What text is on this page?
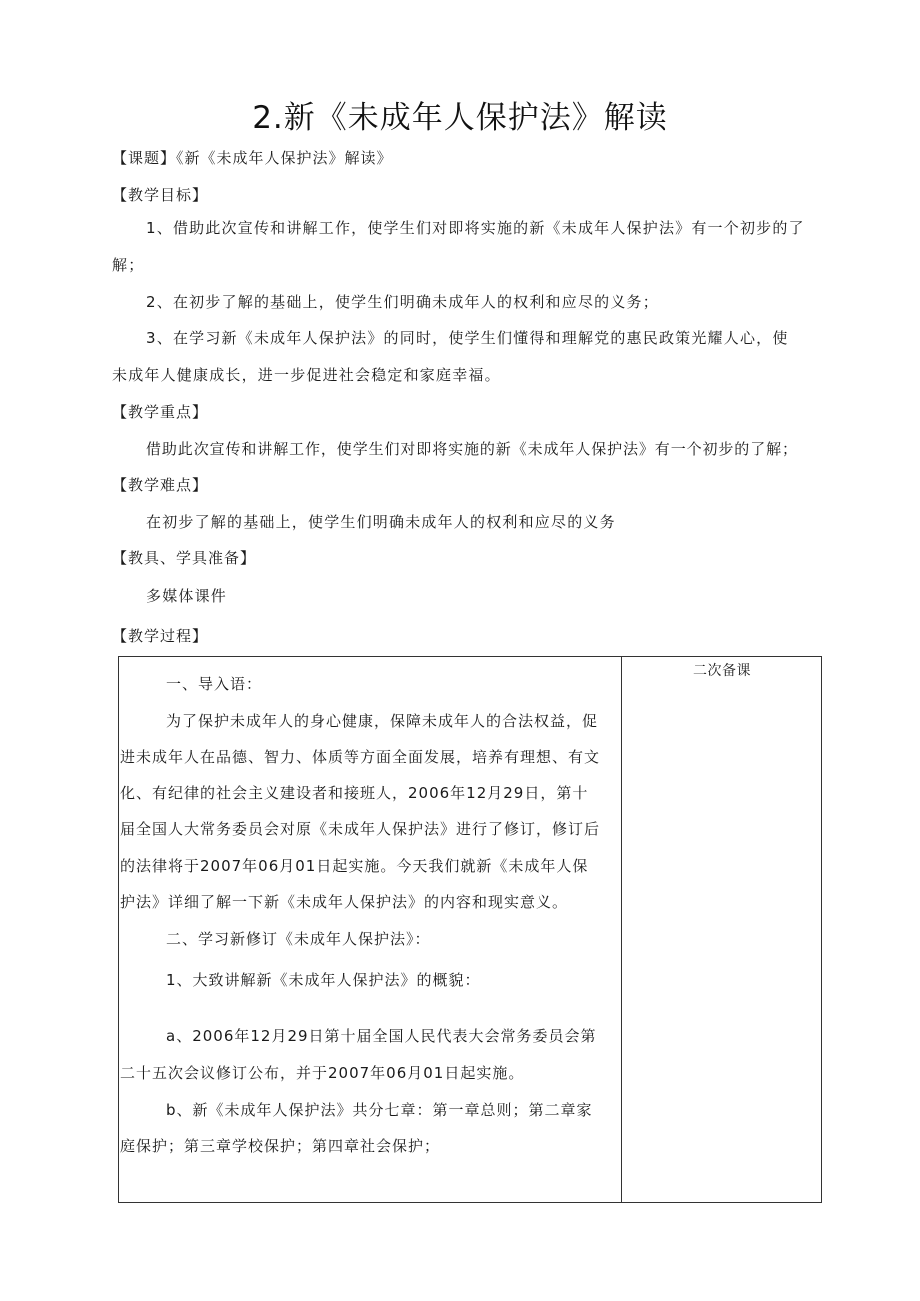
2.新《未成年人保护法》解读
【课题】《新《未成年人保护法》解读》
【教学目标】
1、借助此次宣传和讲解工作，使学生们对即将实施的新《未成年人保护法》有一个初步的了
解；
2、在初步了解的基础上，使学生们明确未成年人的权利和应尽的义务；
3、在学习新《未成年人保护法》的同时，使学生们懂得和理解党的惠民政策光耀人心，使
未成年人健康成长，进一步促进社会稳定和家庭幸福。
【教学重点】
借助此次宣传和讲解工作，使学生们对即将实施的新《未成年人保护法》有一个初步的了解；
【教学难点】
在初步了解的基础上，使学生们明确未成年人的权利和应尽的义务
【教具、学具准备】
多媒体课件
【教学过程】
二次备课
一、导入语：
为了保护未成年人的身心健康，保障未成年人的合法权益，促
进未成年人在品德、智力、体质等方面全面发展，培养有理想、有文
化、有纪律的社会主义建设者和接班人，2006年12月29日，第十
届全国人大常务委员会对原《未成年人保护法》进行了修订，修订后
的法律将于2007年06月01日起实施。今天我们就新《未成年人保
护法》详细了解一下新《未成年人保护法》的内容和现实意义。
二、学习新修订《未成年人保护法》：
1、大致讲解新《未成年人保护法》的概貌：
a、2006年12月29日第十届全国人民代表大会常务委员会第
二十五次会议修订公布，并于2007年06月01日起实施。
b、新《未成年人保护法》共分七章：第一章总则；第二章家
庭保护；第三章学校保护；第四章社会保护；
